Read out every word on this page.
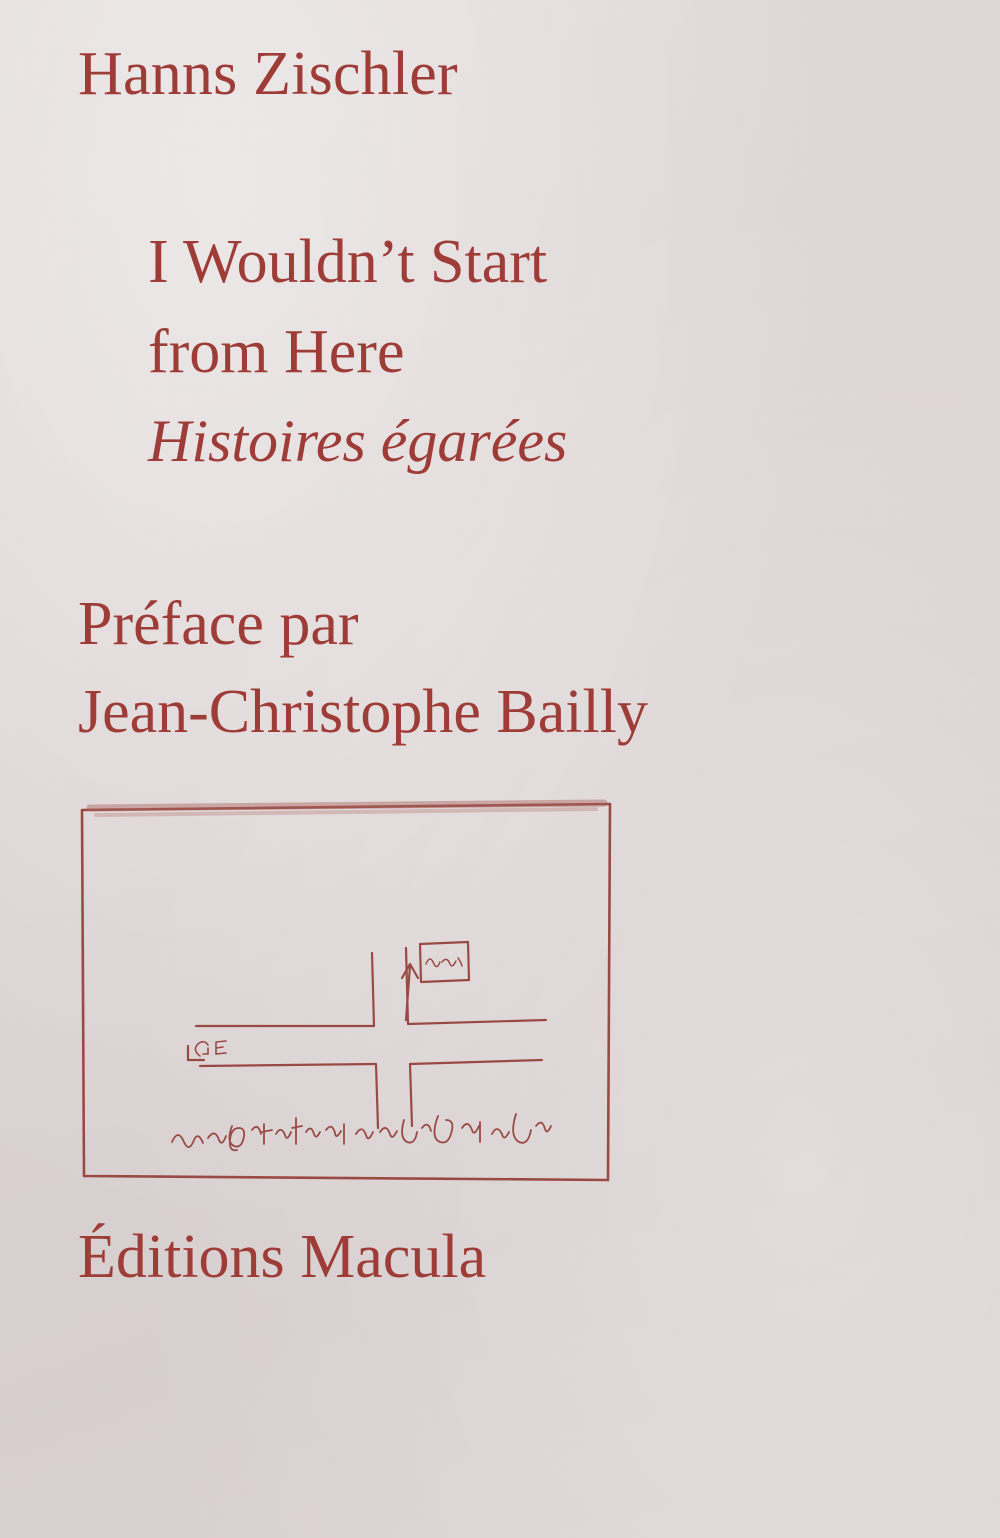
Hanns Zischler
I Wouldn’t Start
from Here
Histoires égarées
Préface par
Jean-Christophe Bailly
Éditions Macula
